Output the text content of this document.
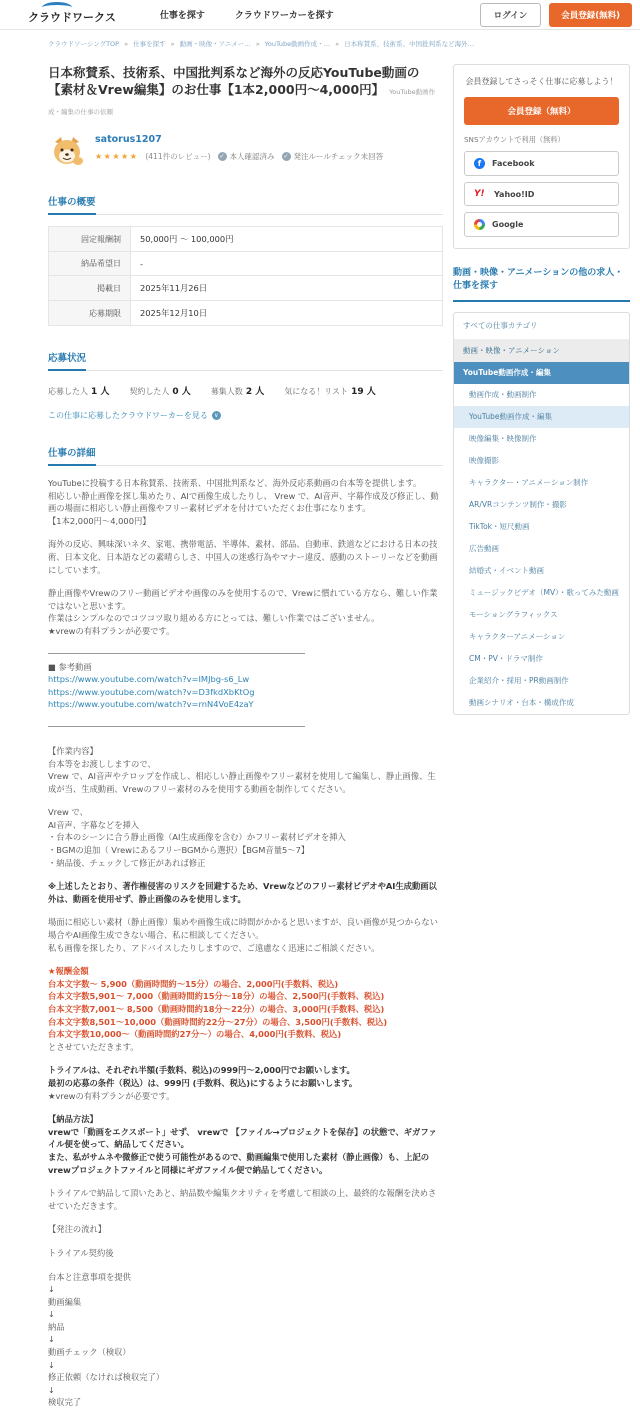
クラウドワークス	仕事を探す	クラウドワーカーを探す	ログイン	会員登録(無料)
クラウドソーシングTOP » 仕事を探す » 動画・映像・アニメー… » YouTube動画作成・… » 日本称賛系、技術系、中国批判系など海外…
日本称賛系、技術系、中国批判系など海外の反応YouTube動画の【素材＆Vrew編集】のお仕事【1本2,000円～4,000円】 YouTube動画作成・編集の仕事の依頼
satorus1207
★★★★★ (411件のレビュー)	✓ 本人確認済み	✓ 発注ルールチェック未回答
仕事の概要
固定報酬制	50,000円 ～ 100,000円
納品希望日	-
掲載日	2025年11月26日
応募期限	2025年12月10日
応募状況
応募した人 1 人	契約した人 0 人	募集人数 2 人	気になる！リスト 19 人
この仕事に応募したクラウドワーカーを見る	∨
仕事の詳細
YouTubeに投稿する日本称賛系、技術系、中国批判系など、海外反応系動画の台本等を提供します。
相応しい静止画像を探し集めたり、AIで画像生成したりし、 Vrew で、AI音声、字幕作成及び修正し、動画の場面に相応しい静止画像やフリー素材ビデオを付けていただくお仕事になります。
【1本2,000円～4,000円】
海外の反応、興味深いネタ、家電、携帯電話、半導体、素材、部品、自動車、鉄道などにおける日本の技術、日本文化、日本語などの素晴らしさ、中国人の迷惑行為やマナー違反、感動のストーリーなどを動画にしています。
静止画像やVrewのフリー動画ビデオや画像のみを使用するので、Vrewに慣れている方なら、難しい作業ではないと思います。
作業はシンプルなのでコツコツ取り組める方にとっては、難しい作業ではございません。
★vrewの有料プランが必要です。
■ 参考動画
https://www.youtube.com/watch?v=IMJbg-s6_Lw
https://www.youtube.com/watch?v=D3fkdXbKtOg
https://www.youtube.com/watch?v=rnN4VoE4zaY
【作業内容】
台本等をお渡ししますので、
Vrew で、AI音声やテロップを作成し、相応しい静止画像やフリー素材を使用して編集し、静止画像、生成が当、生成動画、Vrewのフリー素材のみを使用する動画を制作してください。
Vrew で、
AI音声、字幕などを挿入
・台本のシーンに合う静止画像（AI生成画像を含む）かフリー素材ビデオを挿入
・BGMの追加（ VrewにあるフリーBGMから選択）【BGM音量5～7】
・納品後、チェックして修正があれば修正
※上述したとおり、著作権侵害のリスクを回避するため、Vrewなどのフリー素材ビデオやAI生成動画以外は、動画を使用せず、静止画像のみを使用します。
場面に相応しい素材（静止画像）集めや画像生成に時間がかかると思いますが、良い画像が見つからない場合やAI画像生成できない場合、私に相談してください。
私も画像を探したり、アドバイスしたりしますので、ご遠慮なく迅速にご相談ください。
★報酬金額
台本文字数～ 5,900（動画時間約～15分）の場合、2,000円(手数料、税込)
台本文字数5,901～ 7,000（動画時間約15分～18分）の場合、2,500円(手数料、税込)
台本文字数7,001～ 8,500（動画時間約18分～22分）の場合、3,000円(手数料、税込)
台本文字数8,501～10,000（動画時間約22分～27分）の場合、3,500円(手数料、税込)
台本文字数10,000～（動画時間約27分～）の場合、4,000円(手数料、税込)
とさせていただきます。
トライアルは、それぞれ半額(手数料、税込)の999円～2,000円でお願いします。
最初の応募の条件（税込）は、999円 (手数料、税込)にするようにお願いします。
★vrewの有料プランが必要です。
【納品方法】
vrewで「動画をエクスポート」せず、 vrewで 【ファイル→プロジェクトを保存】の状態で、ギガファイル便を使って、納品してください。
また、私がサムネや微修正で使う可能性があるので、動画編集で使用した素材（静止画像）も、上記のvrewプロジェクトファイルと同様にギガファイル便で納品してください。
トライアルで納品して頂いたあと、納品数や編集クオリティを考慮して相談の上、最終的な報酬を決めさせていただきます。
【発注の流れ】
トライアル契約後
台本と注意事項を提供
↓
動画編集
↓
納品
↓
動画チェック（検収）
↓
修正依頼（なければ検収完了）
↓
検収完了
会員登録してさっそく仕事に応募しよう！
会員登録（無料）
SNSアカウントで利用（無料）
f	Facebook
Y! Yahoo!ID
Google
動画・映像・アニメーションの他の求人・仕事を探す
すべての仕事カテゴリ
動画・映像・アニメーション
YouTube動画作成・編集
動画作成・動画制作
YouTube動画作成・編集
映像編集・映像制作
映像撮影
キャラクター・アニメーション制作
AR/VRコンテンツ制作・撮影
TikTok・短尺動画
広告動画
結婚式・イベント動画
ミュージックビデオ（MV）・歌ってみた動画
モーショングラフィックス
キャラクターアニメーション
CM・PV・ドラマ制作
企業紹介・採用・PR動画制作
動画シナリオ・台本・構成作成
